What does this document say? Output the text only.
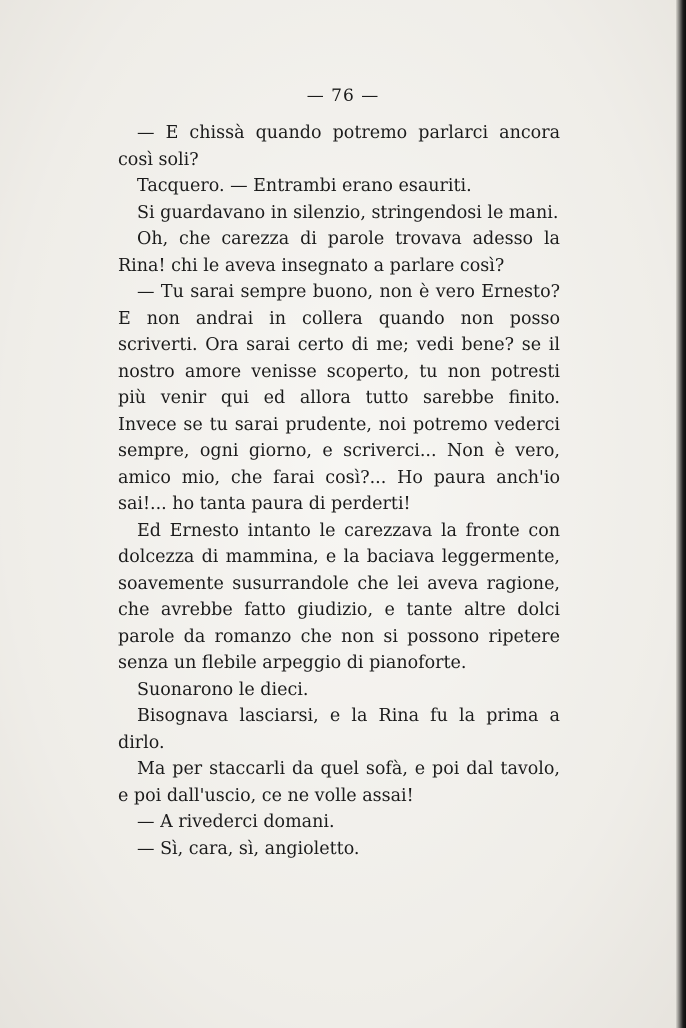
— 76 —

— E chissà quando potremo parlarci ancora così soli?

Tacquero. — Entrambi erano esauriti.

Si guardavano in silenzio, stringendosi le mani.

Oh, che carezza di parole trovava adesso la Rina! chi le aveva insegnato a parlare così?

— Tu sarai sempre buono, non è vero Ernesto? E non andrai in collera quando non posso scriverti. Ora sarai certo di me; vedi bene? se il nostro amore venisse scoperto, tu non potresti più venir qui ed allora tutto sarebbe finito. Invece se tu sarai prudente, noi potremo vederci sempre, ogni giorno, e scriverci... Non è vero, amico mio, che farai così?... Ho paura anch'io sai!... ho tanta paura di perderti!

Ed Ernesto intanto le carezzava la fronte con dolcezza di mammina, e la baciava leggermente, soavemente susurrandole che lei aveva ragione, che avrebbe fatto giudizio, e tante altre dolci parole da romanzo che non si possono ripetere senza un flebile arpeggio di pianoforte.

Suonarono le dieci.

Bisognava lasciarsi, e la Rina fu la prima a dirlo.

Ma per staccarli da quel sofà, e poi dal tavolo, e poi dall'uscio, ce ne volle assai!

— A rivederci domani.

— Sì, cara, sì, angioletto.
